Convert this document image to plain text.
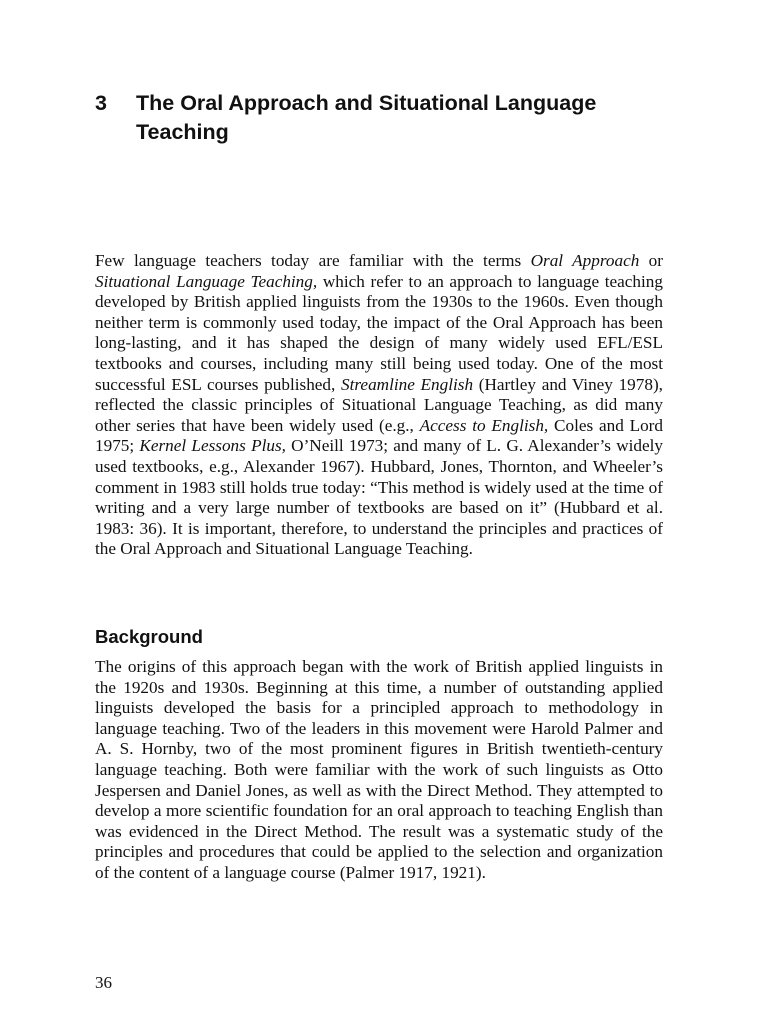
3 The Oral Approach and Situational Language Teaching

Few language teachers today are familiar with the terms Oral Approach or Situational Language Teaching, which refer to an approach to language teaching developed by British applied linguists from the 1930s to the 1960s. Even though neither term is commonly used today, the impact of the Oral Approach has been long-lasting, and it has shaped the design of many widely used EFL/ESL textbooks and courses, including many still being used today. One of the most successful ESL courses published, Streamline English (Hartley and Viney 1978), reflected the classic principles of Situational Language Teaching, as did many other series that have been widely used (e.g., Access to English, Coles and Lord 1975; Kernel Lessons Plus, O’Neill 1973; and many of L. G. Alexander’s widely used textbooks, e.g., Alexander 1967). Hubbard, Jones, Thornton, and Wheeler’s comment in 1983 still holds true today: “This method is widely used at the time of writing and a very large number of textbooks are based on it” (Hubbard et al. 1983: 36). It is important, therefore, to understand the principles and practices of the Oral Approach and Situational Language Teaching.

Background

The origins of this approach began with the work of British applied linguists in the 1920s and 1930s. Beginning at this time, a number of outstanding applied linguists developed the basis for a principled approach to methodology in language teaching. Two of the leaders in this movement were Harold Palmer and A. S. Hornby, two of the most prominent figures in British twentieth-century language teaching. Both were familiar with the work of such linguists as Otto Jespersen and Daniel Jones, as well as with the Direct Method. They attempted to develop a more scientific foundation for an oral approach to teaching English than was evidenced in the Direct Method. The result was a systematic study of the principles and procedures that could be applied to the selection and organization of the content of a language course (Palmer 1917, 1921).

36
